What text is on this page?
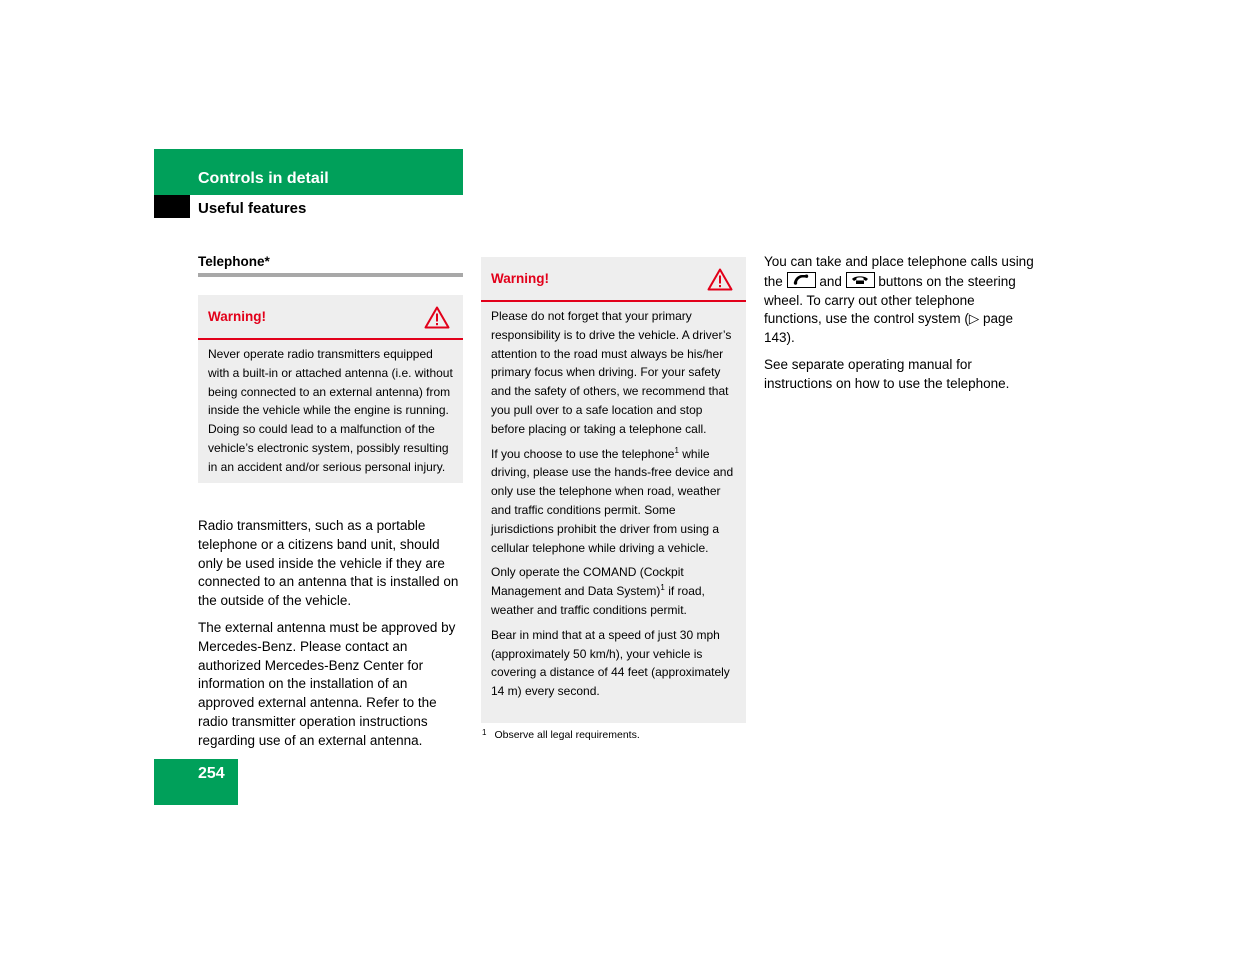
Controls in detail
Useful features
Telephone*
Warning!

Never operate radio transmitters equipped with a built-in or attached antenna (i.e. without being connected to an external antenna) from inside the vehicle while the engine is running. Doing so could lead to a malfunction of the vehicle’s electronic system, possibly resulting in an accident and/or serious personal injury.

Radio transmitters, such as a portable telephone or a citizens band unit, should only be used inside the vehicle if they are connected to an antenna that is installed on the outside of the vehicle.

The external antenna must be approved by Mercedes-Benz. Please contact an authorized Mercedes-Benz Center for information on the installation of an approved external antenna. Refer to the radio transmitter operation instructions regarding use of an external antenna.

Warning!

Please do not forget that your primary responsibility is to drive the vehicle. A driver’s attention to the road must always be his/her primary focus when driving. For your safety and the safety of others, we recommend that you pull over to a safe location and stop before placing or taking a telephone call.

If you choose to use the telephone$^1$ while driving, please use the hands-free device and only use the telephone when road, weather and traffic conditions permit. Some jurisdictions prohibit the driver from using a cellular telephone while driving a vehicle.

Only operate the COMAND (Cockpit Management and Data System)$^1$ if road, weather and traffic conditions permit.

Bear in mind that at a speed of just 30 mph (approximately 50 km/h), your vehicle is covering a distance of 44 feet (approximately 14 m) every second.

$^1$ Observe all legal requirements.

You can take and place telephone calls using the	and	buttons on the steering wheel. To carry out other telephone functions, use the control system (▷ page 143).

See separate operating manual for instructions on how to use the telephone.

254
